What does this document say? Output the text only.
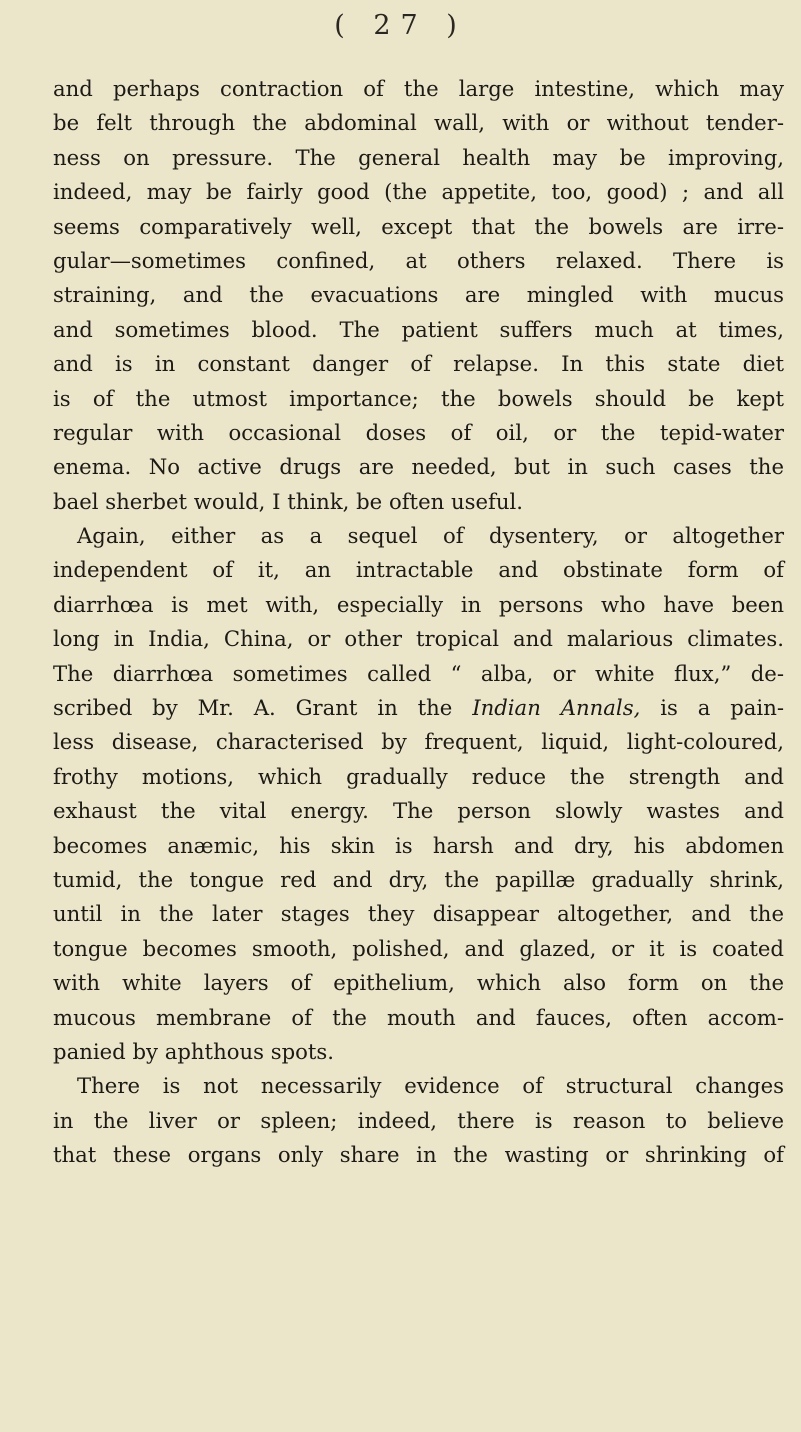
( 27 )
and perhaps contraction of the large intestine, which may
be felt through the abdominal wall, with or without tender-
ness on pressure. The general health may be improving,
indeed, may be fairly good (the appetite, too, good) ; and all
seems comparatively well, except that the bowels are irre-
gular—sometimes confined, at others relaxed. There is
straining, and the evacuations are mingled with mucus
and sometimes blood. The patient suffers much at times,
and is in constant danger of relapse. In this state diet
is of the utmost importance; the bowels should be kept
regular with occasional doses of oil, or the tepid-water
enema. No active drugs are needed, but in such cases the
bael sherbet would, I think, be often useful.
Again, either as a sequel of dysentery, or altogether
independent of it, an intractable and obstinate form of
diarrhœa is met with, especially in persons who have been
long in India, China, or other tropical and malarious climates.
The diarrhœa sometimes called “ alba, or white flux,” de-
scribed by Mr. A. Grant in the Indian Annals, is a pain-
less disease, characterised by frequent, liquid, light-coloured,
frothy motions, which gradually reduce the strength and
exhaust the vital energy. The person slowly wastes and
becomes anæmic, his skin is harsh and dry, his abdomen
tumid, the tongue red and dry, the papillæ gradually shrink,
until in the later stages they disappear altogether, and the
tongue becomes smooth, polished, and glazed, or it is coated
with white layers of epithelium, which also form on the
mucous membrane of the mouth and fauces, often accom-
panied by aphthous spots.
There is not necessarily evidence of structural changes
in the liver or spleen; indeed, there is reason to believe
that these organs only share in the wasting or shrinking of
